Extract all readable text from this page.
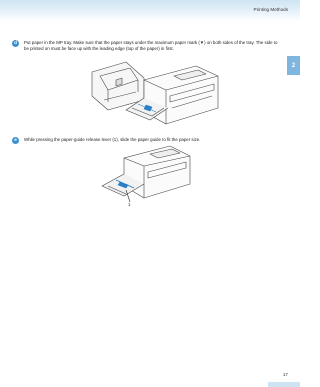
Printing Methods
2
d	Put paper in the MP tray. Make sure that the paper stays under the maximum paper mark (▼) on both sides of the tray. The side to be printed on must be face up with the leading edge (top of the paper) in first.

e	While pressing the paper-guide release lever (1), slide the paper guide to fit the paper size.

1
17
